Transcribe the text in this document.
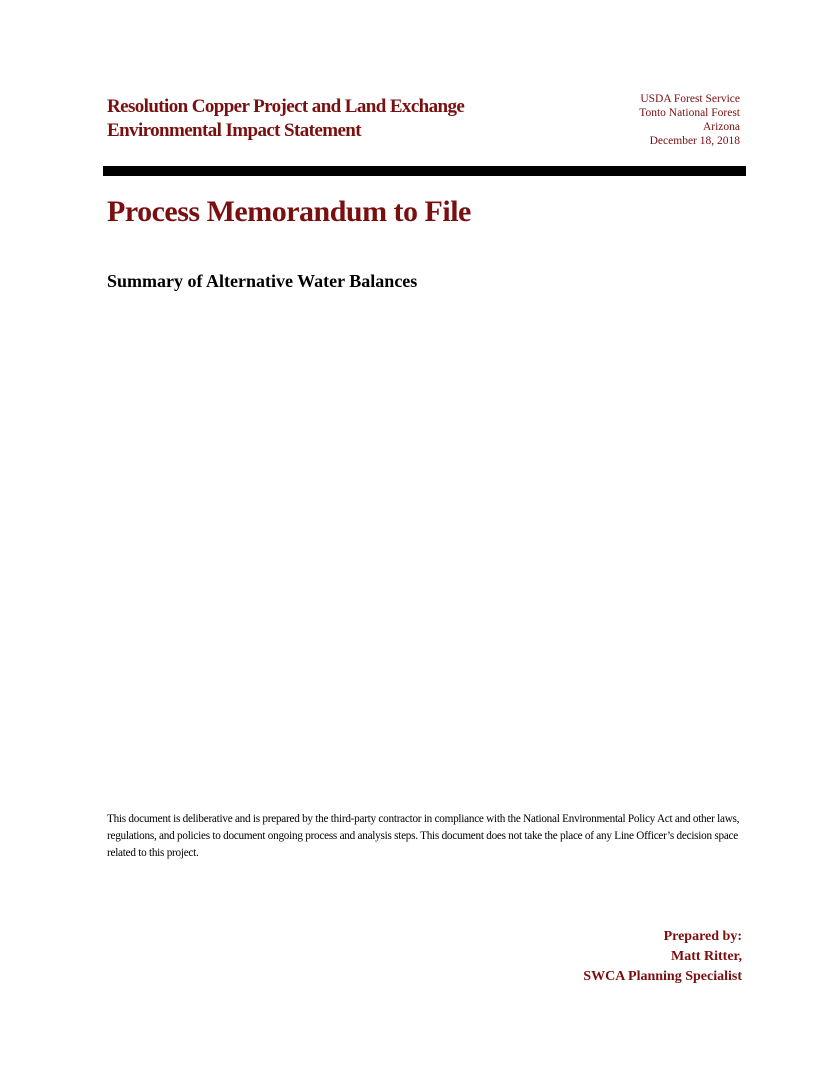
Resolution Copper Project and Land Exchange
Environmental Impact Statement
USDA Forest Service
Tonto National Forest
Arizona
December 18, 2018
Process Memorandum to File
Summary of Alternative Water Balances
This document is deliberative and is prepared by the third-party contractor in compliance with the National Environmental Policy Act and other laws, regulations, and policies to document ongoing process and analysis steps. This document does not take the place of any Line Officer’s decision space related to this project.
Prepared by:
Matt Ritter,
SWCA Planning Specialist
